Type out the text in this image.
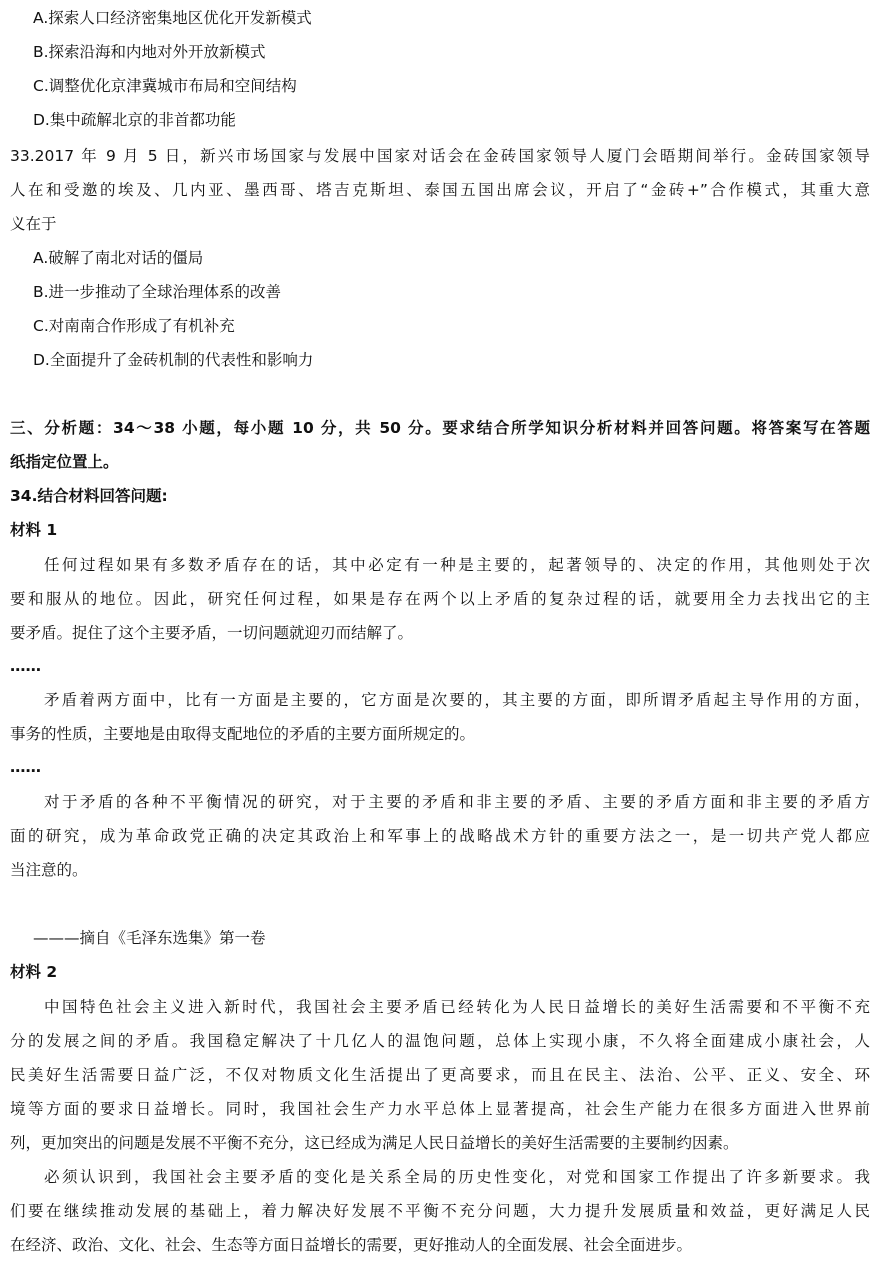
A.探索人口经济密集地区优化开发新模式
B.探索沿海和内地对外开放新模式
C.调整优化京津冀城市布局和空间结构
D.集中疏解北京的非首都功能
33.2017 年 9 月 5 日，新兴市场国家与发展中国家对话会在金砖国家领导人厦门会晤期间举行。金砖国家领导
人在和受邀的埃及、几内亚、墨西哥、塔吉克斯坦、泰国五国出席会议，开启了“金砖+”合作模式，其重大意
义在于
A.破解了南北对话的僵局
B.进一步推动了全球治理体系的改善
C.对南南合作形成了有机补充
D.全面提升了金砖机制的代表性和影响力
三、分析题：34～38 小题，每小题 10 分，共 50 分。要求结合所学知识分析材料并回答问题。将答案写在答题
纸指定位置上。
34.结合材料回答问题:
材料 1
任何过程如果有多数矛盾存在的话，其中必定有一种是主要的，起著领导的、决定的作用，其他则处于次
要和服从的地位。因此，研究任何过程，如果是存在两个以上矛盾的复杂过程的话，就要用全力去找出它的主
要矛盾。捉住了这个主要矛盾，一切问题就迎刃而结解了。
……
矛盾着两方面中，比有一方面是主要的，它方面是次要的，其主要的方面，即所谓矛盾起主导作用的方面，
事务的性质，主要地是由取得支配地位的矛盾的主要方面所规定的。
……
对于矛盾的各种不平衡情况的研究，对于主要的矛盾和非主要的矛盾、主要的矛盾方面和非主要的矛盾方
面的研究，成为革命政党正确的决定其政治上和军事上的战略战术方针的重要方法之一，是一切共产党人都应
当注意的。
———摘自《毛泽东选集》第一卷
材料 2
中国特色社会主义进入新时代，我国社会主要矛盾已经转化为人民日益增长的美好生活需要和不平衡不充
分的发展之间的矛盾。我国稳定解决了十几亿人的温饱问题，总体上实现小康，不久将全面建成小康社会，人
民美好生活需要日益广泛，不仅对物质文化生活提出了更高要求，而且在民主、法治、公平、正义、安全、环
境等方面的要求日益增长。同时，我国社会生产力水平总体上显著提高，社会生产能力在很多方面进入世界前
列，更加突出的问题是发展不平衡不充分，这已经成为满足人民日益增长的美好生活需要的主要制约因素。
必须认识到，我国社会主要矛盾的变化是关系全局的历史性变化，对党和国家工作提出了许多新要求。我
们要在继续推动发展的基础上，着力解决好发展不平衡不充分问题，大力提升发展质量和效益，更好满足人民
在经济、政治、文化、社会、生态等方面日益增长的需要，更好推动人的全面发展、社会全面进步。
